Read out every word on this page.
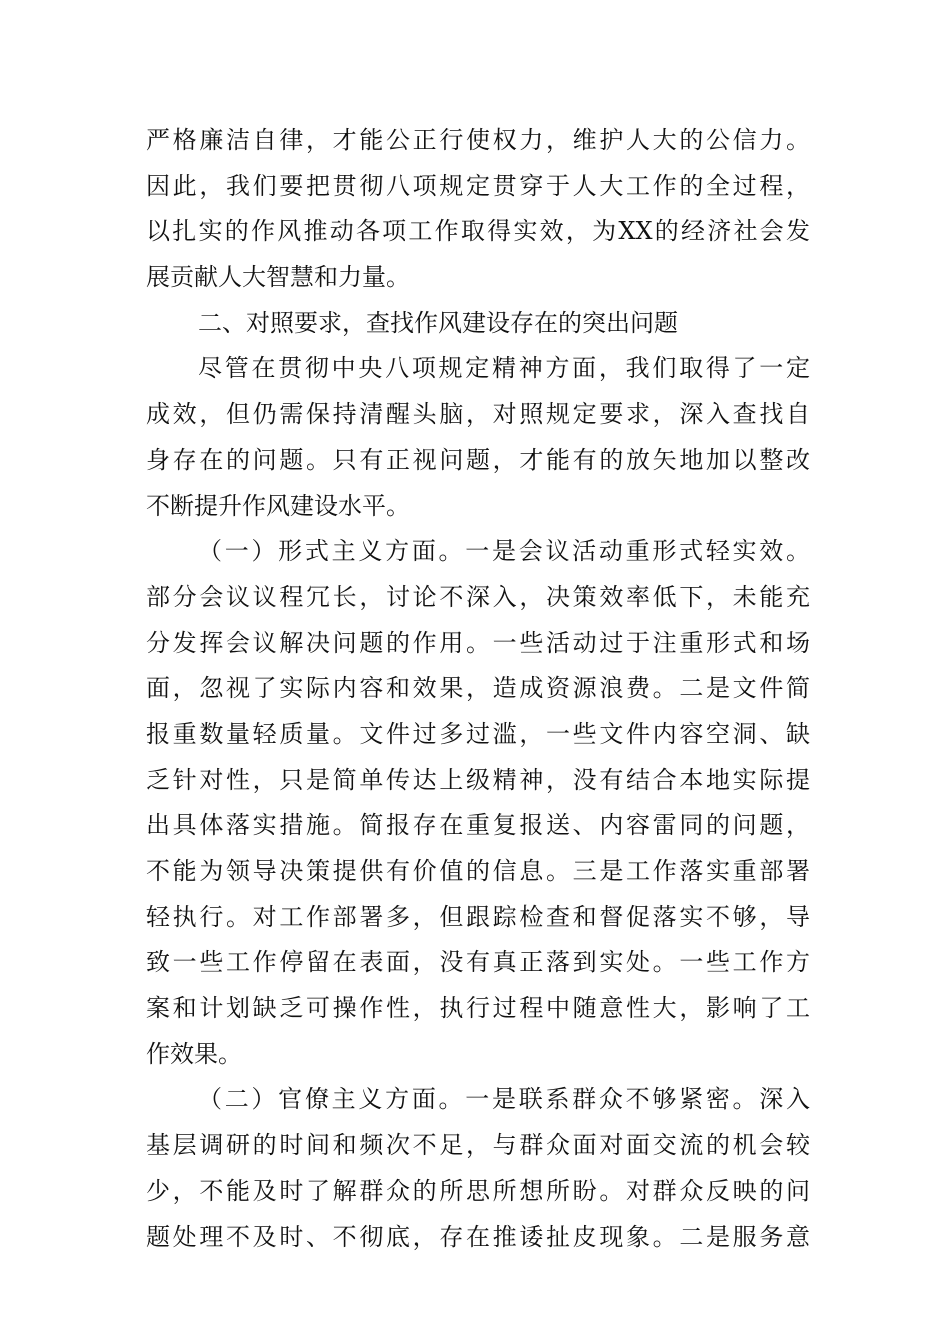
严格廉洁自律，才能公正行使权力，维护人大的公信力。
因此，我们要把贯彻八项规定贯穿于人大工作的全过程，
以扎实的作风推动各项工作取得实效，为XX的经济社会发
展贡献人大智慧和力量。
二、对照要求，查找作风建设存在的突出问题
尽管在贯彻中央八项规定精神方面，我们取得了一定
成效，但仍需保持清醒头脑，对照规定要求，深入查找自
身存在的问题。只有正视问题，才能有的放矢地加以整改
不断提升作风建设水平。
（一）形式主义方面。一是会议活动重形式轻实效。
部分会议议程冗长，讨论不深入，决策效率低下，未能充
分发挥会议解决问题的作用。一些活动过于注重形式和场
面，忽视了实际内容和效果，造成资源浪费。二是文件简
报重数量轻质量。文件过多过滥，一些文件内容空洞、缺
乏针对性，只是简单传达上级精神，没有结合本地实际提
出具体落实措施。简报存在重复报送、内容雷同的问题，
不能为领导决策提供有价值的信息。三是工作落实重部署
轻执行。对工作部署多，但跟踪检查和督促落实不够，导
致一些工作停留在表面，没有真正落到实处。一些工作方
案和计划缺乏可操作性，执行过程中随意性大，影响了工
作效果。
（二）官僚主义方面。一是联系群众不够紧密。深入
基层调研的时间和频次不足，与群众面对面交流的机会较
少，不能及时了解群众的所思所想所盼。对群众反映的问
题处理不及时、不彻底，存在推诿扯皮现象。二是服务意
